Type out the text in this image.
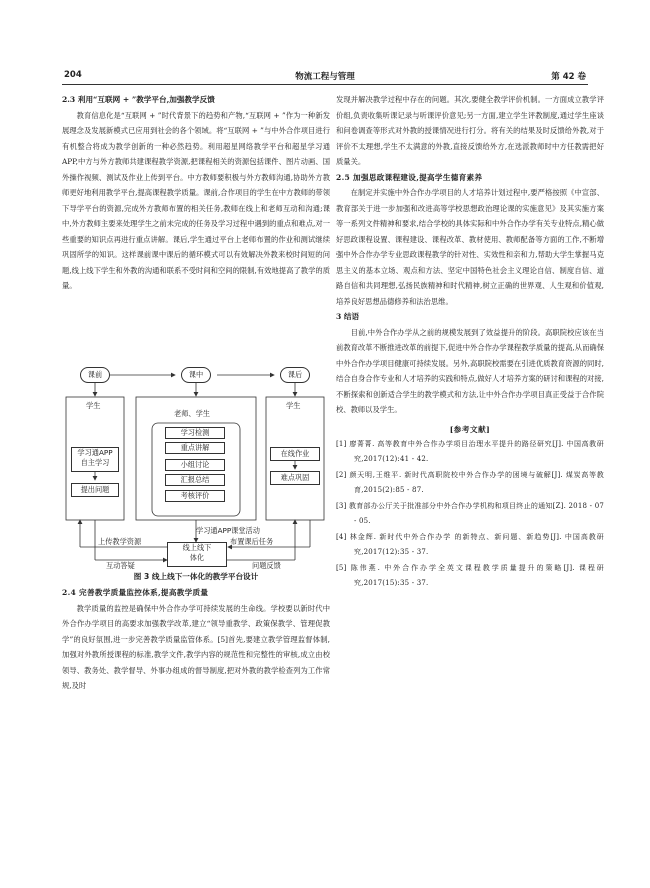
204	物流工程与管理	第 42 卷

2.3 利用“互联网 + ”教学平台,加强教学反馈

教育信息化是“互联网 + ”时代背景下的趋势和产物,“互联网 + ”作为一种新发展理念及发展新模式已应用到社会的各个领域。将“互联网 + ”与中外合作项目进行有机整合将成为教学创新的一种必然趋势。利用超星网络教学平台和超星学习通 APP,中方与外方教师共建课程教学资源,把课程相关的资源包括课件、图片动画、国外操作视频、测试及作业上传到平台。中方教师要积极与外方教师沟通,协助外方教师更好地利用教学平台,提高课程教学质量。课前,合作项目的学生在中方教师的带领下导学平台的资源,完成外方教师布置的相关任务,教师在线上和老师互动和沟通;课中,外方教师主要来处理学生之前未完成的任务及学习过程中遇到的重点和难点,对一些重要的知识点再进行重点讲解。课后,学生通过平台上老师布置的作业和测试继续巩固所学的知识。这样课前课中课后的循环模式可以有效解决外教来校时间短的问题,线上线下学生和外教的沟通和联系不受时间和空间的限制,有效地提高了教学的质量。

课前	课中	课后
学生
学习通APP
自主学习
提出问题
老师、学生
学习检测
重点讲解
小组讨论
汇报总结
考核评价
学生
在线作业
难点巩固
线上线下
体化
上传教学资源
互动答疑
学习通APP课堂活动
布置课后任务
问题反馈
图 3 线上线下一体化的教学平台设计

2.4 完善教学质量监控体系,提高教学质量

教学质量的监控是确保中外合作办学可持续发展的生命线。学校要以新时代中外合作办学项目的高要求加强教学改革,建立“领导重教学、政策保教学、管理促教学”的良好氛围,进一步完善教学质量监管体系。[5]首先,要建立教学管理监督体制,加强对外教所授课程的标准,教学文件,教学内容的规范性和完整性的审核,成立由校领导、教务处、教学督导、外事办组成的督导制度,把对外教的教学检查列为工作常规,及时

发现并解决教学过程中存在的问题。其次,要健全教学评价机制。一方面成立教学评价组,负责收集听课记录与听课评价意见;另一方面,建立学生评教制度,通过学生座谈和问卷调查等形式对外教的授课情况进行打分。将有关的结果及时反馈给外教,对于评价不太理想,学生不太满意的外教,直接反馈给外方,在选派教师时中方任教需把好质量关。

2.5 加强思政课程建设,提高学生德育素养

在制定并实施中外合作办学项目的人才培养计划过程中,要严格按照《中宣部、教育部关于进一步加强和改进高等学校思想政治理论课的实施意见》及其实施方案等一系列文件精神和要求,结合学校的具体实际和中外合作办学有关专业特点,精心做好思政课程设置、课程建设、课程改革、教材使用、教师配备等方面的工作,不断增强中外合作办学专业思政课程教学的针对性、实效性和亲和力,帮助大学生掌握马克思主义的基本立场、观点和方法、坚定中国特色社会主义理论自信、制度自信、道路自信和共同理想,弘扬民族精神和时代精神,树立正确的世界观、人生观和价值观,培养良好思想品德修养和法治思维。

3 结语

目前,中外合作办学从之前的规模发展到了效益提升的阶段。高职院校应该在当前教育改革不断推进改革的前提下,促进中外合作办学课程教学质量的提高,从而确保中外合作办学项目健康可持续发展。另外,高职院校需要在引进优质教育资源的同时,结合自身合作专业和人才培养的实践和特点,做好人才培养方案的研讨和课程的对接,不断探索和创新适合学生的教学模式和方法,让中外合作办学项目真正受益于合作院校、教师以及学生。

[参考文献]

[1] 廖菁菁. 高等教育中外合作办学项目治理水平提升的路径研究[J]. 中国高教研究,2017(12):41 - 42.

[2] 颜天明,王维平. 新时代高职院校中外合作办学的困境与破解[J]. 煤炭高等教育,2015(2):85 - 87.

[3] 教育部办公厅关于批准部分中外合作办学机构和项目终止的通知[Z]. 2018 - 07 - 05.

[4] 林金辉. 新时代中外合作办学 的新特点、新问题、新趋势[J]. 中国高教研究,2017(12):35 - 37.

[5] 陈伟燕. 中外合作办学全英文课程教学质量提升的策略[J]. 课程研究,2017(15):35 - 37.
